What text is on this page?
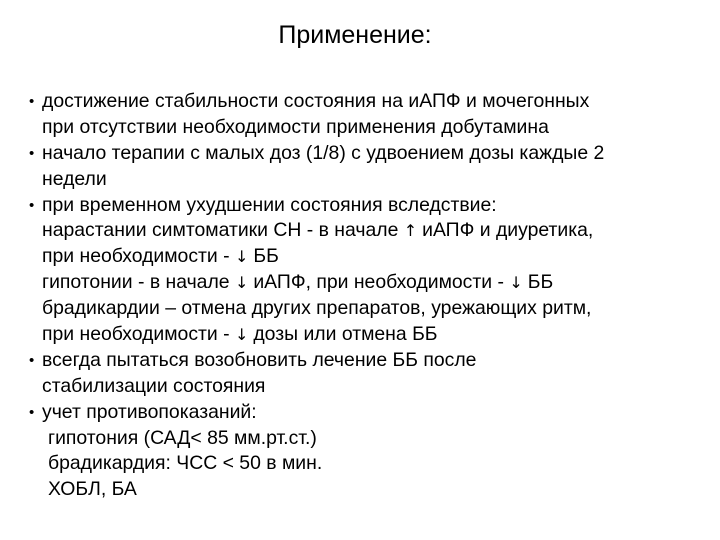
Применение:
• достижение стабильности состояния на иАПФ и мочегонных
при отсутствии необходимости применения добутамина
• начало терапии с малых доз (1/8) с удвоением дозы каждые 2
недели
• при временном ухудшении состояния вследствие:
нарастании симтоматики СН - в начале ↑ иАПФ и диуретика,
при необходимости - ↓ ББ
гипотонии - в начале ↓ иАПФ, при необходимости - ↓ ББ
брадикардии – отмена других препаратов, урежающих ритм,
при необходимости - ↓ дозы или отмена ББ
• всегда пытаться возобновить лечение ББ после
стабилизации состояния
• учет противопоказаний:
гипотония (САД< 85 мм.рт.ст.)
брадикардия: ЧСС < 50 в мин.
ХОБЛ, БА
